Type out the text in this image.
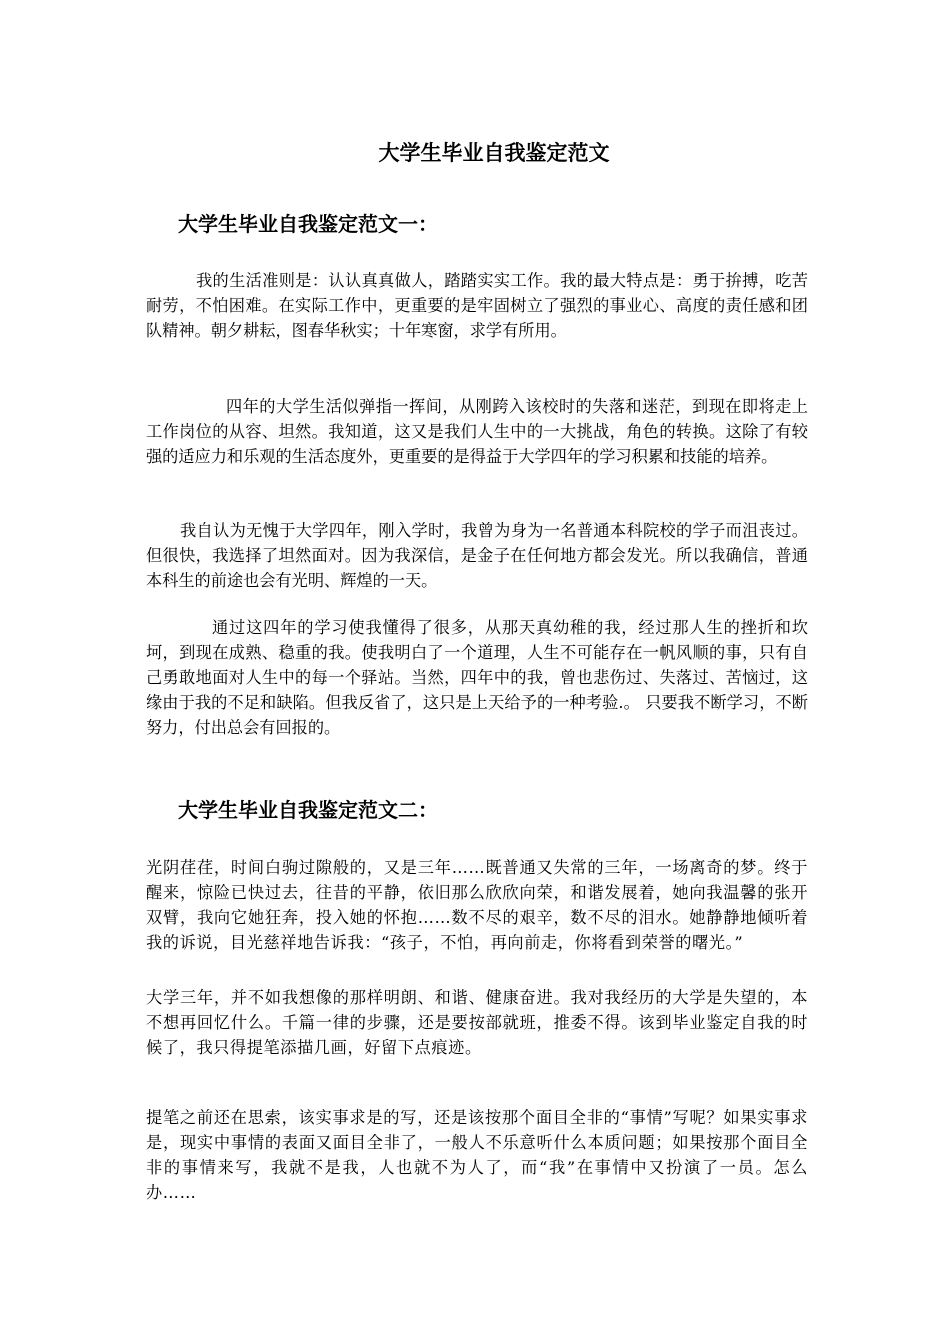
大学生毕业自我鉴定范文
大学生毕业自我鉴定范文一：

我的生活准则是：认认真真做人，踏踏实实工作。我的最大特点是：勇于拚搏，吃苦耐劳，不怕困难。在实际工作中，更重要的是牢固树立了强烈的事业心、高度的责任感和团队精神。朝夕耕耘，图春华秋实；十年寒窗，求学有所用。

四年的大学生活似弹指一挥间，从刚跨入该校时的失落和迷茫，到现在即将走上工作岗位的从容、坦然。我知道，这又是我们人生中的一大挑战，角色的转换。这除了有较强的适应力和乐观的生活态度外，更重要的是得益于大学四年的学习积累和技能的培养。

我自认为无愧于大学四年，刚入学时，我曾为身为一名普通本科院校的学子而沮丧过。但很快，我选择了坦然面对。因为我深信，是金子在任何地方都会发光。所以我确信，普通本科生的前途也会有光明、辉煌的一天。

通过这四年的学习使我懂得了很多，从那天真幼稚的我，经过那人生的挫折和坎坷，到现在成熟、稳重的我。使我明白了一个道理，人生不可能存在一帆风顺的事，只有自己勇敢地面对人生中的每一个驿站。当然，四年中的我，曾也悲伤过、失落过、苦恼过，这缘由于我的不足和缺陷。但我反省了，这只是上天给予的一种考验.。 只要我不断学习，不断努力，付出总会有回报的。

大学生毕业自我鉴定范文二：

光阴荏荏，时间白驹过隙般的，又是三年……既普通又失常的三年，一场离奇的梦。终于醒来，惊险已快过去，往昔的平静，依旧那么欣欣向荣，和谐发展着，她向我温馨的张开双臂，我向它她狂奔，投入她的怀抱……数不尽的艰辛，数不尽的泪水。她静静地倾听着我的诉说，目光慈祥地告诉我：“孩子，不怕，再向前走，你将看到荣誉的曙光。”

大学三年，并不如我想像的那样明朗、和谐、健康奋进。我对我经历的大学是失望的，本不想再回忆什么。千篇一律的步骤，还是要按部就班，推委不得。该到毕业鉴定自我的时候了，我只得提笔添描几画，好留下点痕迹。

提笔之前还在思索，该实事求是的写，还是该按那个面目全非的“事情”写呢？如果实事求是，现实中事情的表面又面目全非了，一般人不乐意听什么本质问题；如果按那个面目全非的事情来写，我就不是我，人也就不为人了，而“我”在事情中又扮演了一员。怎么办……
